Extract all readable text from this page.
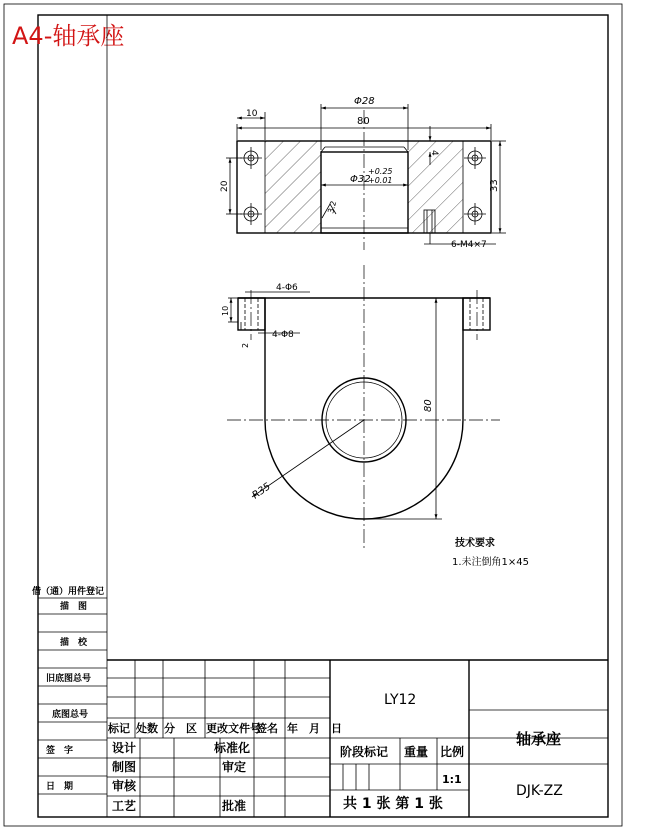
A4-轴承座
借（通）用件登记
描　图
描　校
旧底图总号
底图总号
签　字
日　期
Φ28
80
10
4
20	33
Φ32
+0.25
+0.01
6-M4×7
3.2
4-Φ6
4-Φ8
10
2
80
R35
技术要求
1.未注倒角1×45
标记 处数 分　区 更改文件号
签名 年　月　日
设计
制图
审核
工艺
标准化
审定
批准
LY12
阶段标记 重量 比例
1:1
共 1 张 第 1 张
轴承座
DJK-ZZ
